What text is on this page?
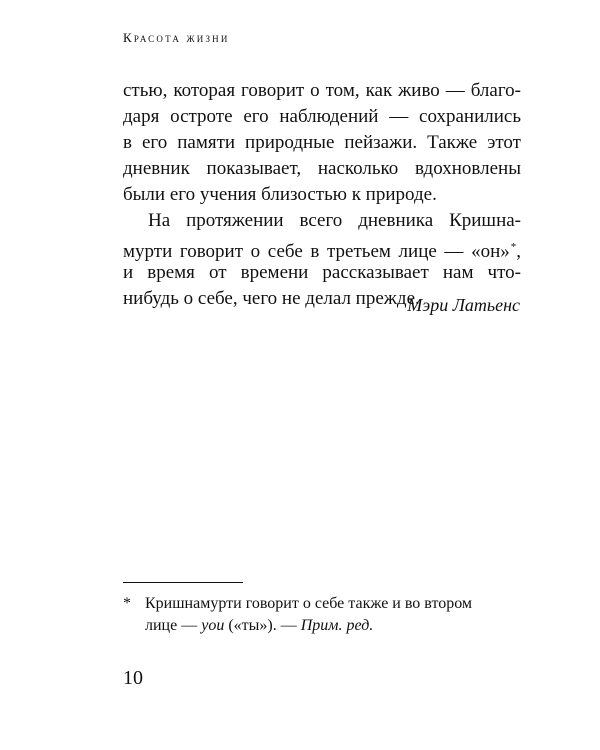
Красота жизни
стью, которая говорит о том, как живо — благо-
даря остроте его наблюдений — сохранились
в его памяти природные пейзажи. Также этот
дневник показывает, насколько вдохновлены
были его учения близостью к природе.
На протяжении всего дневника Кришна-
мурти говорит о себе в третьем лице — «он»*,
и время от времени рассказывает нам что-
нибудь о себе, чего не делал прежде.
Мэри Латьенс
* Кришнамурти говорит о себе также и во втором
лице — you («ты»). — Прим. ред.
10
